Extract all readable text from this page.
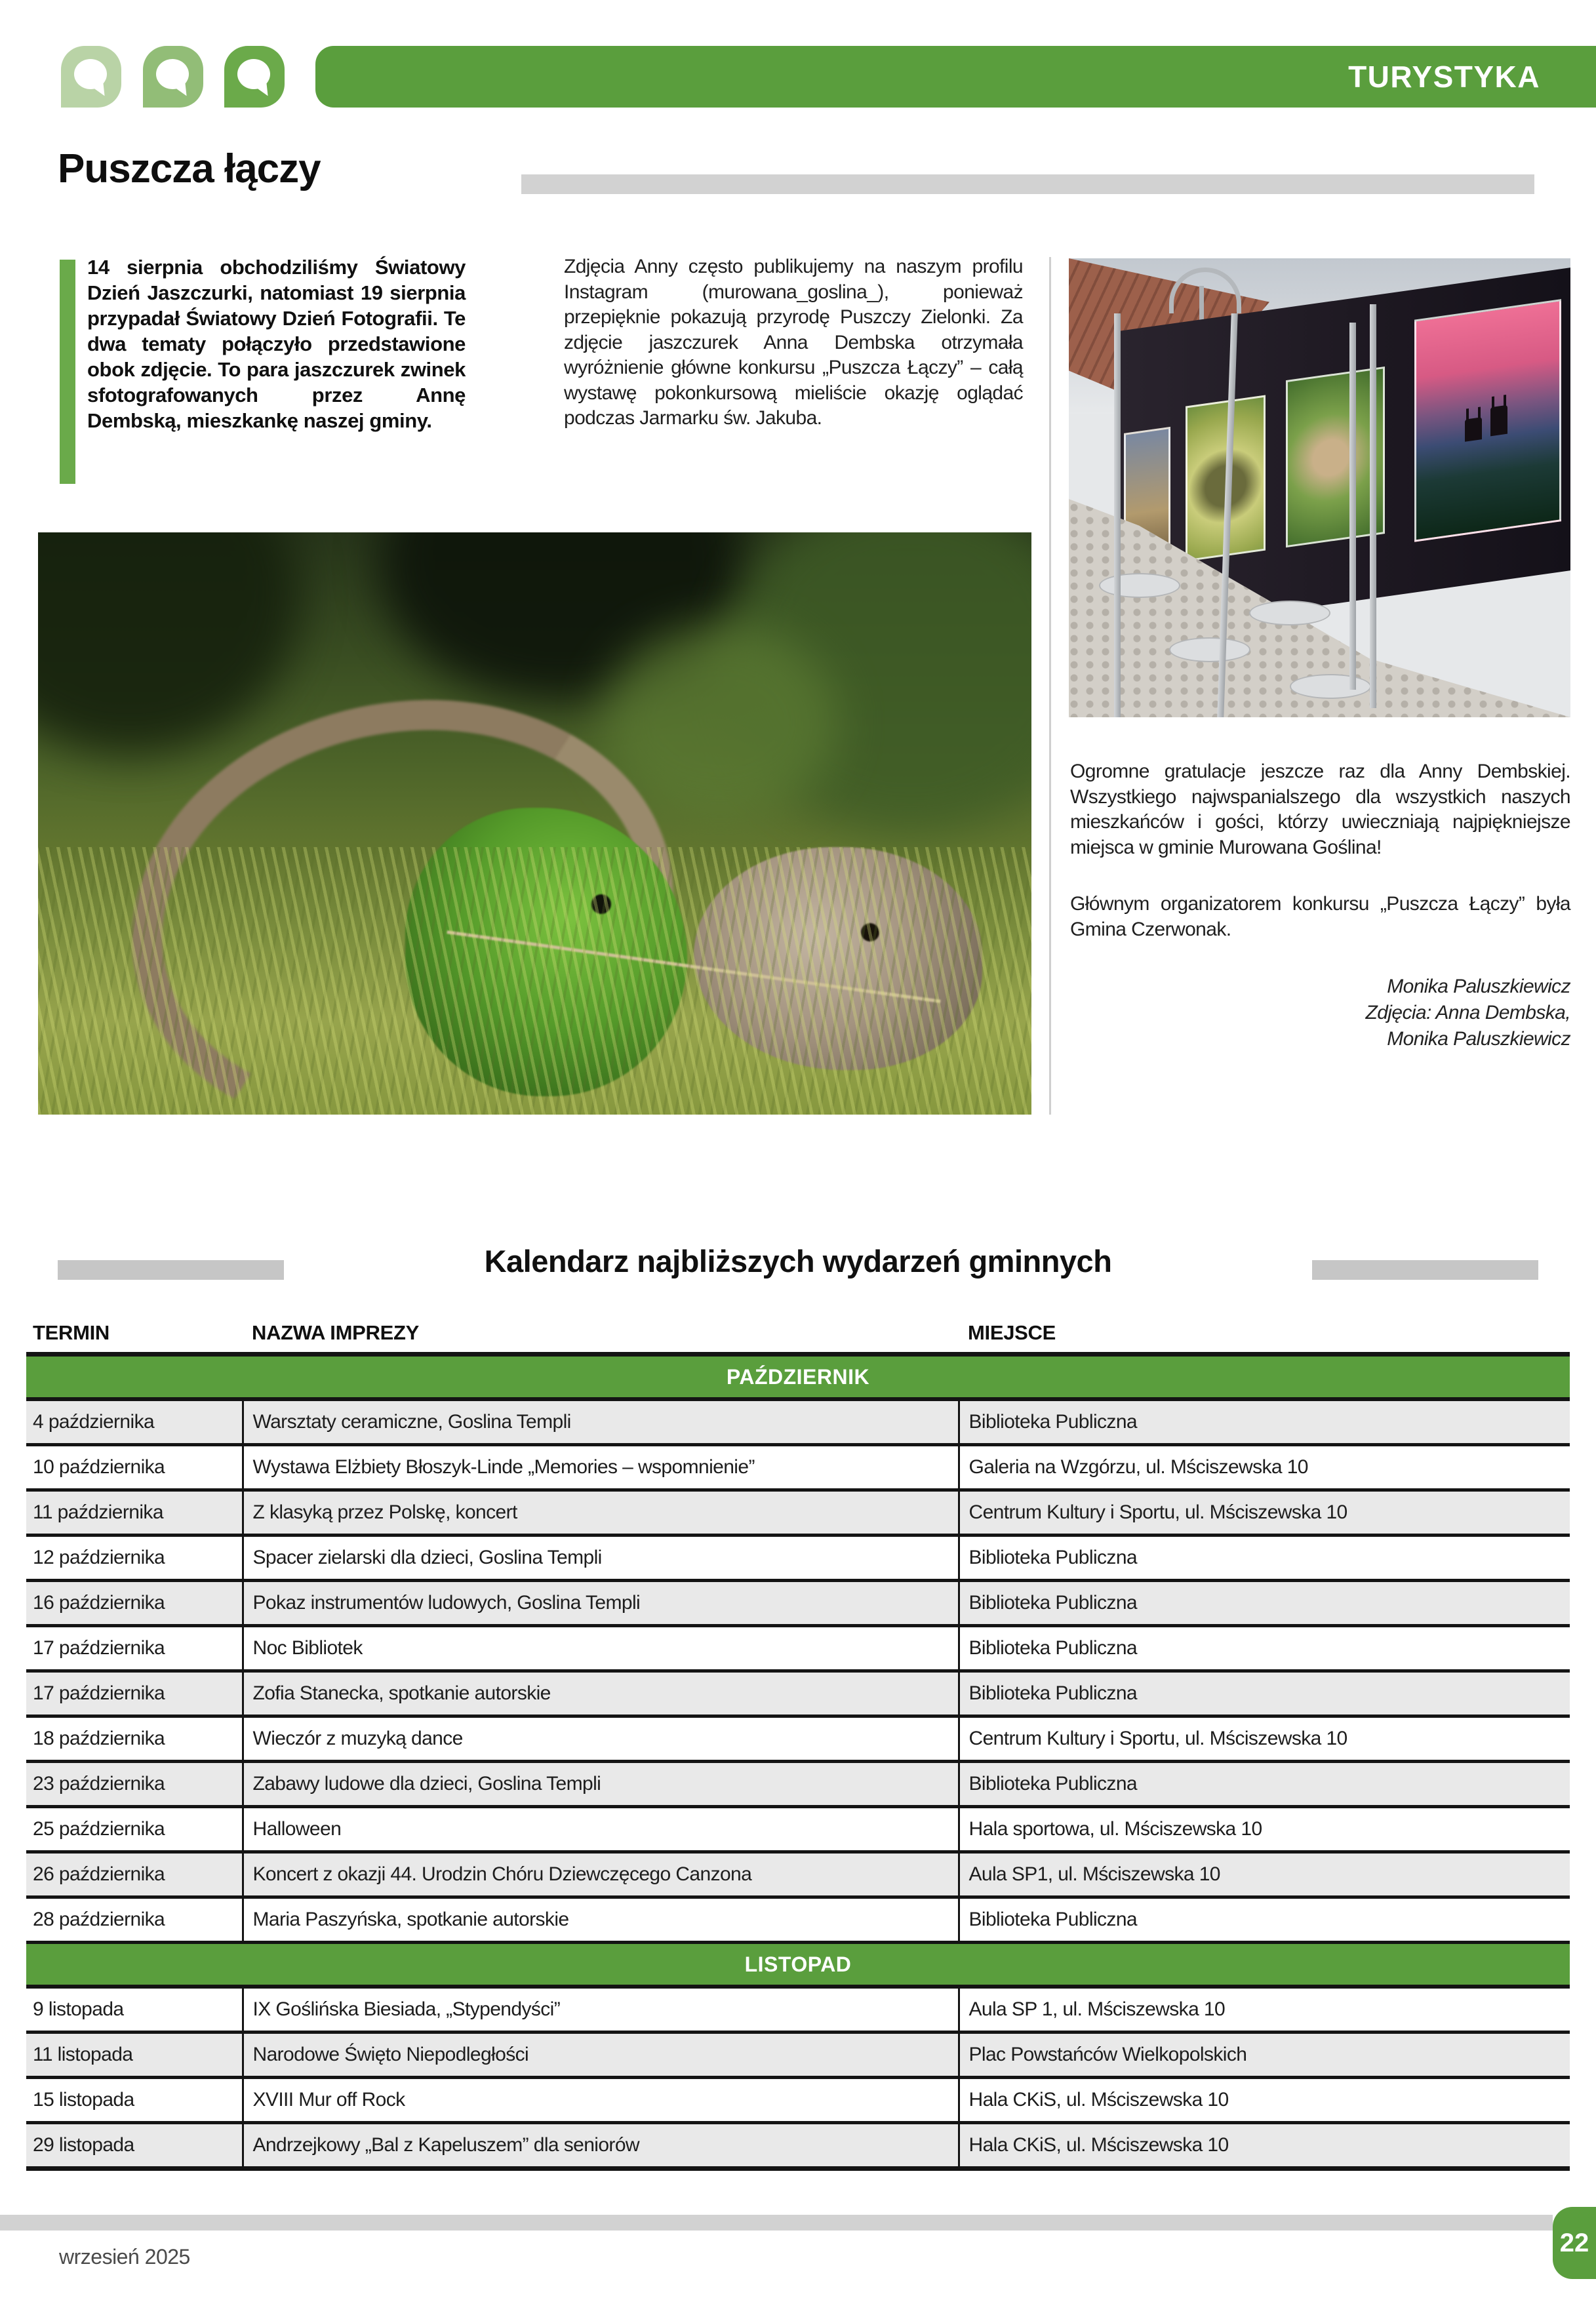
TURYSTYKA
Puszcza łączy
14 sierpnia obchodziliśmy Światowy Dzień Jaszczurki, natomiast 19 sierpnia przypadał Światowy Dzień Fotografii. Te dwa tematy połączyło przedstawione obok zdjęcie. To para jaszczurek zwinek sfotografowanych przez Annę Dembską, mieszkankę naszej gminy.
Zdjęcia Anny często publikujemy na naszym profilu Instagram (murowana_goslina_), ponieważ przepięknie pokazują przyrodę Puszczy Zielonki. Za zdjęcie jaszczurek Anna Dembska otrzymała wyróżnienie główne konkursu „Puszcza Łączy” – całą wystawę pokonkursową mieliście okazję oglądać podczas Jarmarku św. Jakuba.

Ogromne gratulacje jeszcze raz dla Anny Dembskiej. Wszystkiego najwspanialszego dla wszystkich naszych mieszkańców i gości, którzy uwieczniają najpiękniejsze miejsca w gminie Murowana Goślina!

Głównym organizatorem konkursu „Puszcza Łączy” była Gmina Czerwonak.

Monika Paluszkiewicz
Zdjęcia: Anna Dembska,
Monika Paluszkiewicz
Kalendarz najbliższych wydarzeń gminnych
TERMIN	NAZWA IMPREZY	MIEJSCE
PAŹDZIERNIK		
4 października	Warsztaty ceramiczne, Goslina Templi	Biblioteka Publiczna
10 października	Wystawa Elżbiety Błoszyk-Linde „Memories – wspomnienie”	Galeria na Wzgórzu, ul. Mściszewska 10
11 października	Z klasyką przez Polskę, koncert	Centrum Kultury i Sportu, ul. Mściszewska 10
12 października	Spacer zielarski dla dzieci, Goslina Templi	Biblioteka Publiczna
16 października	Pokaz instrumentów ludowych, Goslina Templi	Biblioteka Publiczna
17 października	Noc Bibliotek	Biblioteka Publiczna
17 października	Zofia Stanecka, spotkanie autorskie	Biblioteka Publiczna
18 października	Wieczór z muzyką dance	Centrum Kultury i Sportu, ul. Mściszewska 10
23 października	Zabawy ludowe dla dzieci, Goslina Templi	Biblioteka Publiczna
25 października	Halloween	Hala sportowa, ul. Mściszewska 10
26 października	Koncert z okazji 44. Urodzin Chóru Dziewczęcego Canzona	Aula SP1, ul. Mściszewska 10
28 października	Maria Paszyńska, spotkanie autorskie	Biblioteka Publiczna
LISTOPAD		
9 listopada	IX Goślińska Biesiada, „Stypendyści”	Aula SP 1, ul. Mściszewska 10
11 listopada	Narodowe Święto Niepodległości	Plac Powstańców Wielkopolskich
15 listopada	XVIII Mur off Rock	Hala CKiS, ul. Mściszewska 10
29 listopada	Andrzejkowy „Bal z Kapeluszem” dla seniorów	Hala CKiS, ul. Mściszewska 10
22
wrzesień 2025
